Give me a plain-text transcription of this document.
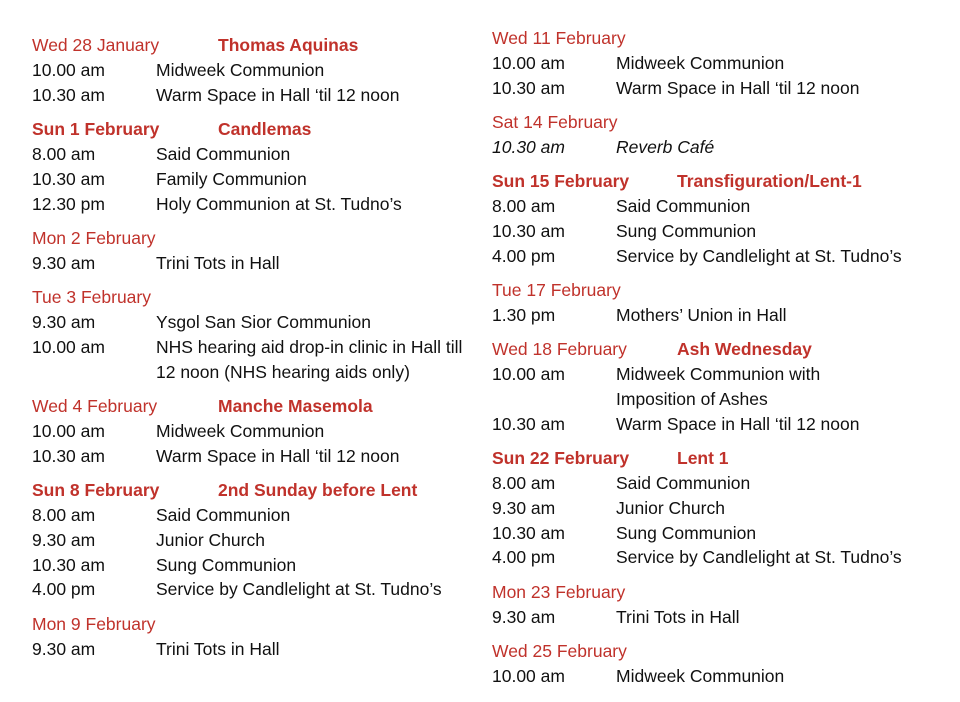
Wed 28 January	Thomas Aquinas
10.00 am	Midweek Communion
10.30 am	Warm Space in Hall ‘til 12 noon
Sun 1 February	Candlemas
8.00 am	Said Communion
10.30 am	Family Communion
12.30 pm	Holy Communion at St. Tudno’s
Mon 2 February
9.30 am	Trini Tots in Hall
Tue 3 February
9.30 am	Ysgol San Sior Communion
10.00 am	NHS hearing aid drop-in clinic in Hall till 12 noon (NHS hearing aids only)
Wed 4 February	Manche Masemola
10.00 am	Midweek Communion
10.30 am	Warm Space in Hall ‘til 12 noon
Sun 8 February	2nd Sunday before Lent
8.00 am	Said Communion
9.30 am	Junior Church
10.30 am	Sung Communion
4.00 pm	Service by Candlelight at St. Tudno’s
Mon 9 February
9.30 am	Trini Tots in Hall
Wed 11 February
10.00 am	Midweek Communion
10.30 am	Warm Space in Hall ‘til 12 noon
Sat 14 February
10.30 am	Reverb Café
Sun 15 February	Transfiguration/Lent-1
8.00 am	Said Communion
10.30 am	Sung Communion
4.00 pm	Service by Candlelight at St. Tudno’s
Tue 17 February
1.30 pm	Mothers’ Union in Hall
Wed 18 February	Ash Wednesday
10.00 am	Midweek Communion with Imposition of Ashes
10.30 am	Warm Space in Hall ‘til 12 noon
Sun 22 February	Lent 1
8.00 am	Said Communion
9.30 am	Junior Church
10.30 am	Sung Communion
4.00 pm	Service by Candlelight at St. Tudno’s
Mon 23 February
9.30 am	Trini Tots in Hall
Wed 25 February
10.00 am	Midweek Communion
